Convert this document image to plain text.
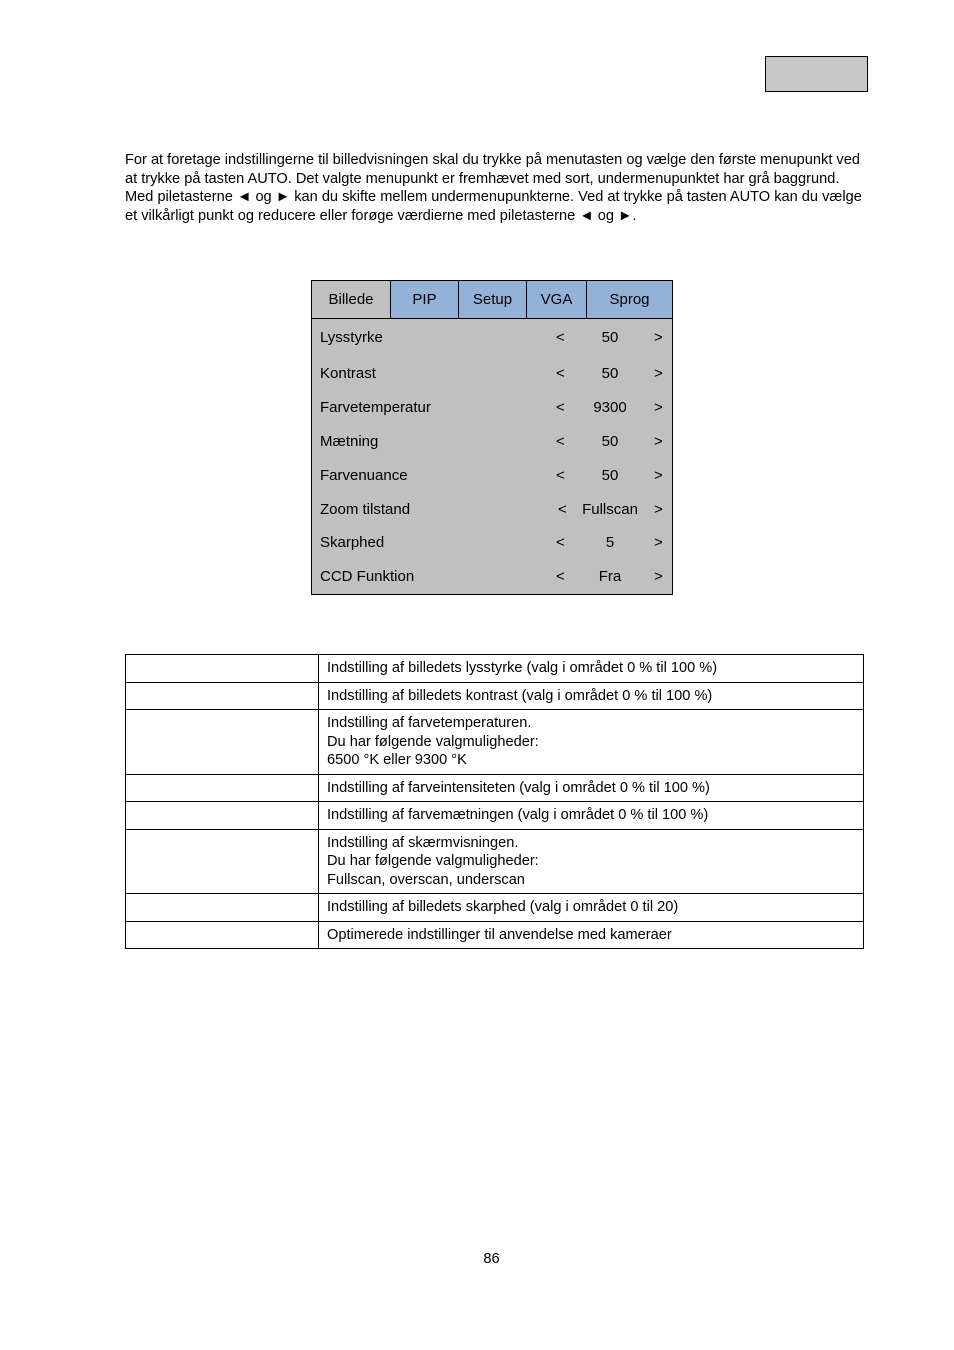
For at foretage indstillingerne til billedvisningen skal du trykke på menutasten og vælge den første menupunkt ved at trykke på tasten AUTO. Det valgte menupunkt er fremhævet med sort, undermenupunktet har grå baggrund.

Med piletasterne ◄ og ► kan du skifte mellem undermenupunkterne. Ved at trykke på tasten AUTO kan du vælge et vilkårligt punkt og reducere eller forøge værdierne med piletasterne ◄ og ►.

Billede	PIP	Setup	VGA	Sprog
Lysstyrke	<	50	>
Kontrast	<	50	>
Farvetemperatur	<	9300	>
Mætning	<	50	>
Farvenuance	<	50	>
Zoom tilstand	<	Fullscan	>
Skarphed	<	5	>
CCD Funktion	<	Fra	>

	Indstilling af billedets lysstyrke (valg i området 0 % til 100 %)

	Indstilling af billedets kontrast (valg i området 0 % til 100 %)

	Indstilling af farvetemperaturen.
Du har følgende valgmuligheder:
6500 °K eller 9300 °K

	Indstilling af farveintensiteten (valg i området 0 % til 100 %)

	Indstilling af farvemætningen (valg i området 0 % til 100 %)

	Indstilling af skærmvisningen.
Du har følgende valgmuligheder:
Fullscan, overscan, underscan

	Indstilling af billedets skarphed (valg i området 0 til 20)

	Optimerede indstillinger til anvendelse med kameraer
86
